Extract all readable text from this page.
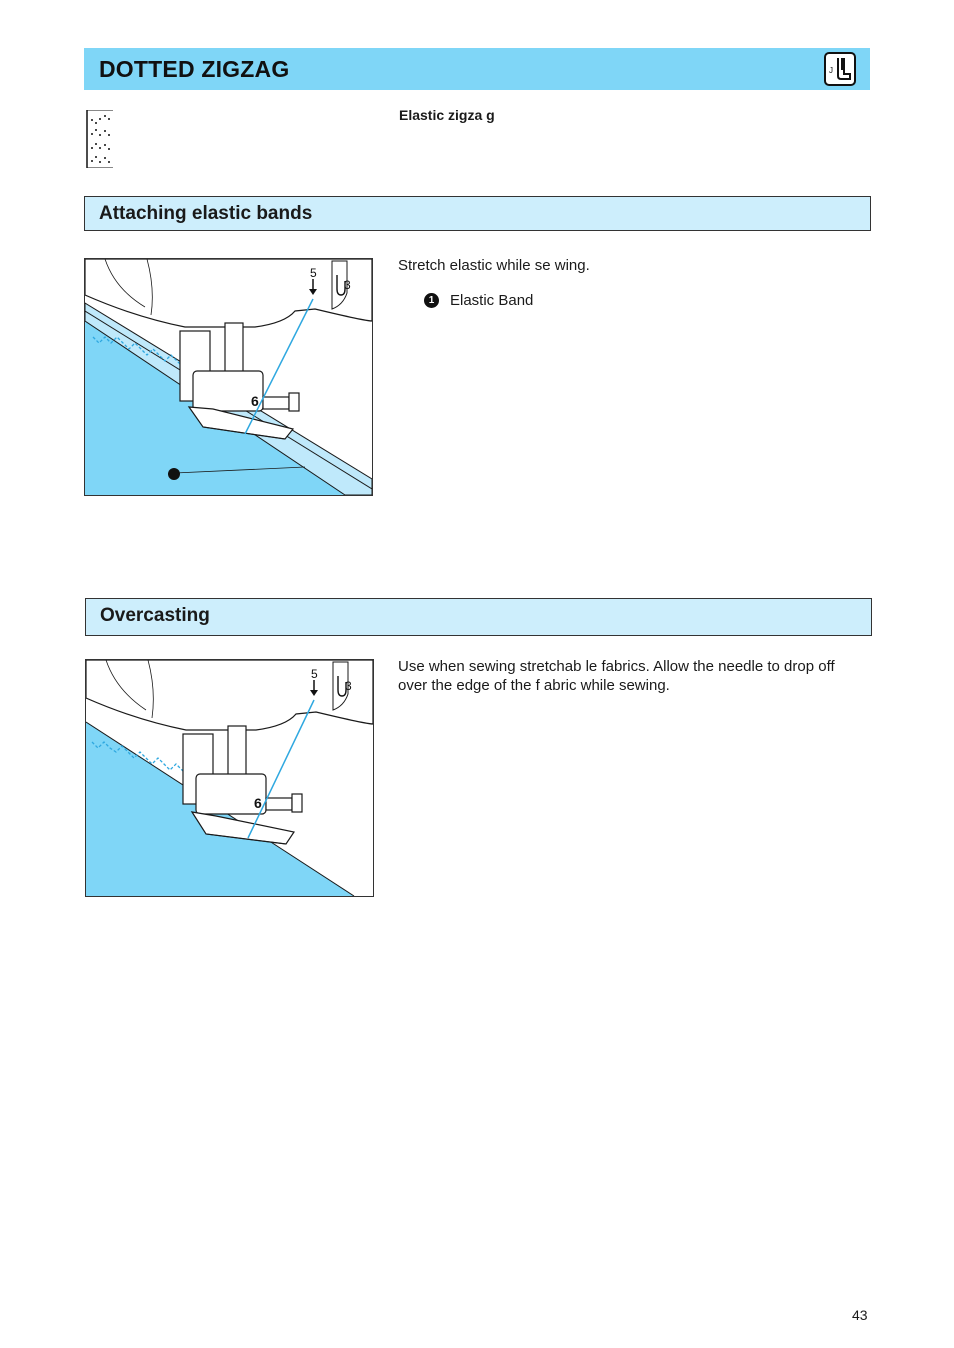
DOTTED ZIGZAG	J
Elastic zigza g
Attaching elastic bands
5
3
6
Stretch elastic while se wing.
1	Elastic Band
Overcasting
5
3
6
Use when sewing stretchab le fabrics. Allow the needle to drop off
over the edge of the f abric while sewing.
43
